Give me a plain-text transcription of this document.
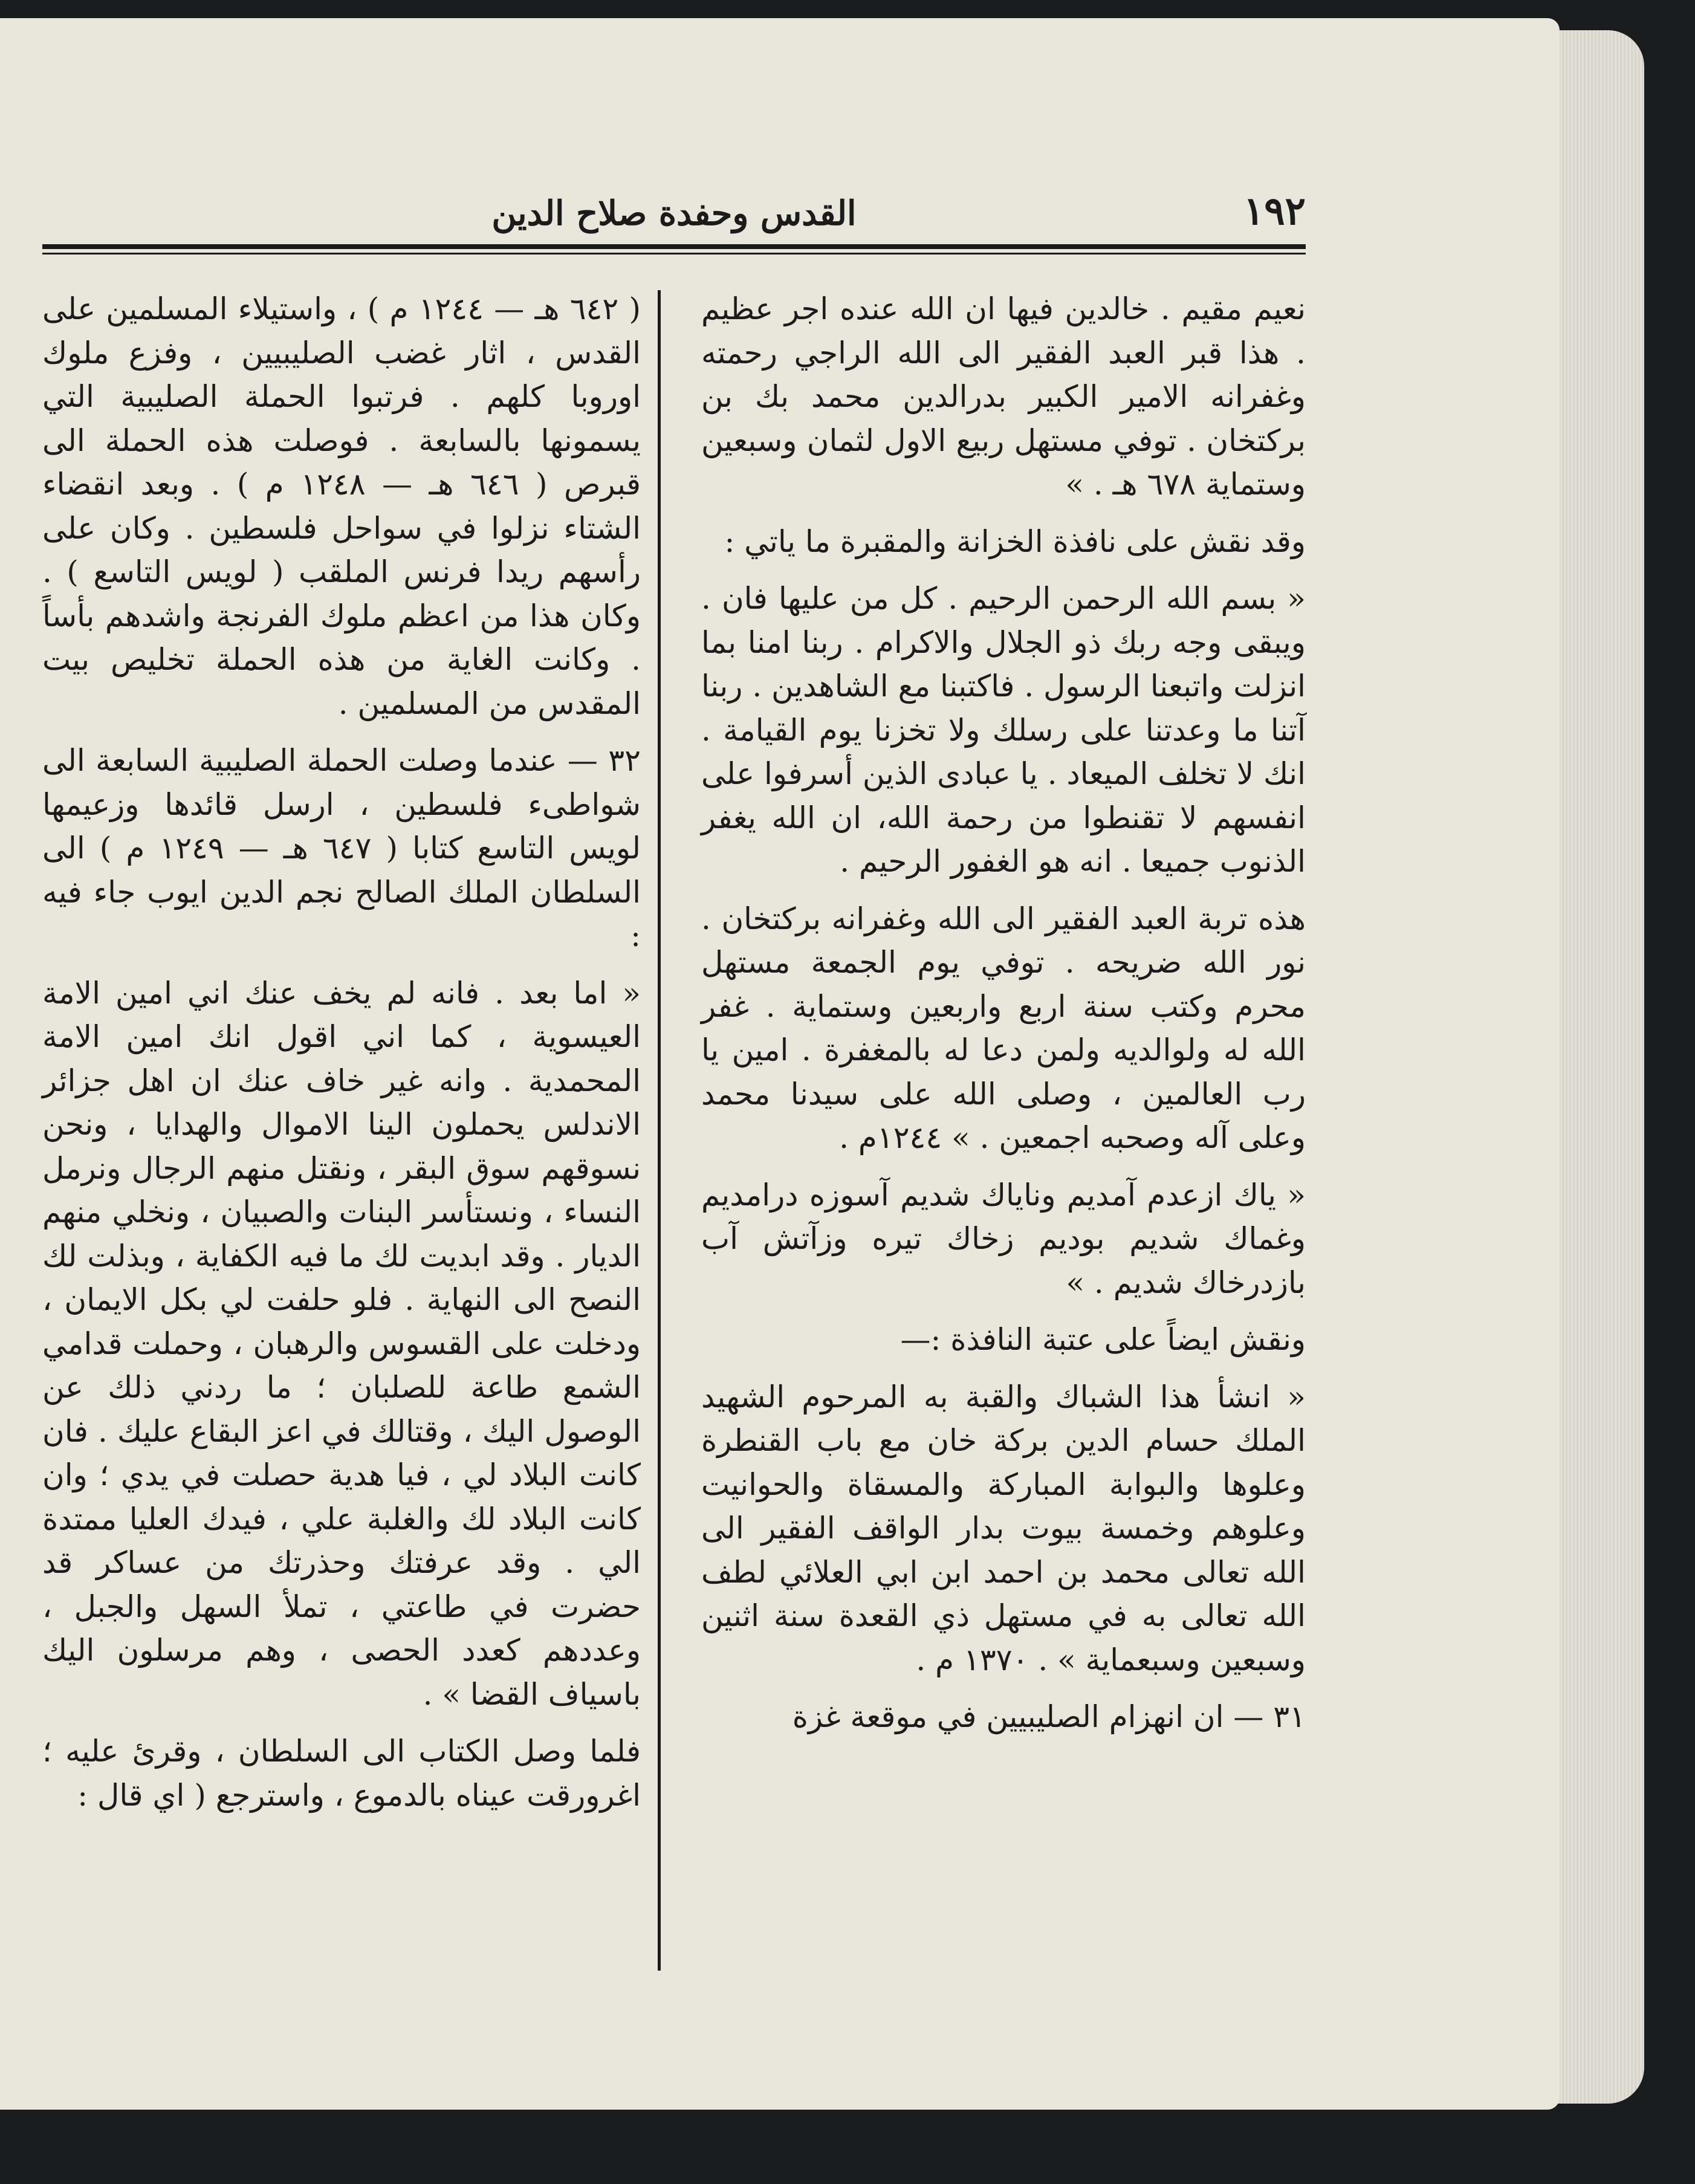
١٩٢
القدس وحفدة صلاح الدين

نعيم مقيم . خالدين فيها ان الله عنده اجر عظيم . هذا قبر العبد الفقير الى الله الراجي رحمته وغفرانه الامير الكبير بدرالدين محمد بك بن بركتخان . توفي مستهل ربيع الاول لثمان وسبعين وستماية ٦٧٨ هـ . »

وقد نقش على نافذة الخزانة والمقبرة ما ياتي :

« بسم الله الرحمن الرحيم . كل من عليها فان . ويبقى وجه ربك ذو الجلال والاكرام . ربنا امنا بما انزلت واتبعنا الرسول . فاكتبنا مع الشاهدين . ربنا آتنا ما وعدتنا على رسلك ولا تخزنا يوم القيامة . انك لا تخلف الميعاد . يا عبادى الذين أسرفوا على انفسهم لا تقنطوا من رحمة الله، ان الله يغفر الذنوب جميعا . انه هو الغفور الرحيم .

هذه تربة العبد الفقير الى الله وغفرانه بركتخان . نور الله ضريحه . توفي يوم الجمعة مستهل محرم وكتب سنة اربع واربعين وستماية . غفر الله له ولوالديه ولمن دعا له بالمغفرة . امين يا رب العالمين ، وصلى الله على سيدنا محمد وعلى آله وصحبه اجمعين . » ١٢٤٤م .

« ياك ازعدم آمديم وناياك شديم آسوزه درامديم وغماك شديم بوديم زخاك تيره وزآتش آب بازدرخاك شديم . »

ونقش ايضاً على عتبة النافذة :—

« انشأ هذا الشباك والقبة به المرحوم الشهيد الملك حسام الدين بركة خان مع باب القنطرة وعلوها والبوابة المباركة والمسقاة والحوانيت وعلوهم وخمسة بيوت بدار الواقف الفقير الى الله تعالى محمد بن احمد ابن ابي العلائي لطف الله تعالى به في مستهل ذي القعدة سنة اثنين وسبعين وسبعماية » . ١٣٧٠ م .

٣١ — ان انهزام الصليبيين في موقعة غزة

( ٦٤٢ هـ — ١٢٤٤ م ) ، واستيلاء المسلمين على القدس ، اثار غضب الصليبيين ، وفزع ملوك اوروبا كلهم . فرتبوا الحملة الصليبية التي يسمونها بالسابعة . فوصلت هذه الحملة الى قبرص ( ٦٤٦ هـ — ١٢٤٨ م ) . وبعد انقضاء الشتاء نزلوا في سواحل فلسطين . وكان على رأسهم ريدا فرنس الملقب ( لويس التاسع ) . وكان هذا من اعظم ملوك الفرنجة واشدهم بأساً . وكانت الغاية من هذه الحملة تخليص بيت المقدس من المسلمين .

٣٢ — عندما وصلت الحملة الصليبية السابعة الى شواطىء فلسطين ، ارسل قائدها وزعيمها لويس التاسع كتابا ( ٦٤٧ هـ — ١٢٤٩ م ) الى السلطان الملك الصالح نجم الدين ايوب جاء فيه :

« اما بعد . فانه لم يخف عنك اني امين الامة العيسوية ، كما اني اقول انك امين الامة المحمدية . وانه غير خاف عنك ان اهل جزائر الاندلس يحملون الينا الاموال والهدايا ، ونحن نسوقهم سوق البقر ، ونقتل منهم الرجال ونرمل النساء ، ونستأسر البنات والصبيان ، ونخلي منهم الديار . وقد ابديت لك ما فيه الكفاية ، وبذلت لك النصح الى النهاية . فلو حلفت لي بكل الايمان ، ودخلت على القسوس والرهبان ، وحملت قدامي الشمع طاعة للصلبان ؛ ما ردني ذلك عن الوصول اليك ، وقتالك في اعز البقاع عليك . فان كانت البلاد لي ، فيا هدية حصلت في يدي ؛ وان كانت البلاد لك والغلبة علي ، فيدك العليا ممتدة الي . وقد عرفتك وحذرتك من عساكر قد حضرت في طاعتي ، تملأ السهل والجبل ، وعددهم كعدد الحصى ، وهم مرسلون اليك باسياف القضا » .

فلما وصل الكتاب الى السلطان ، وقرئ عليه ؛ اغرورقت عيناه بالدموع ، واسترجع ( اي قال :
